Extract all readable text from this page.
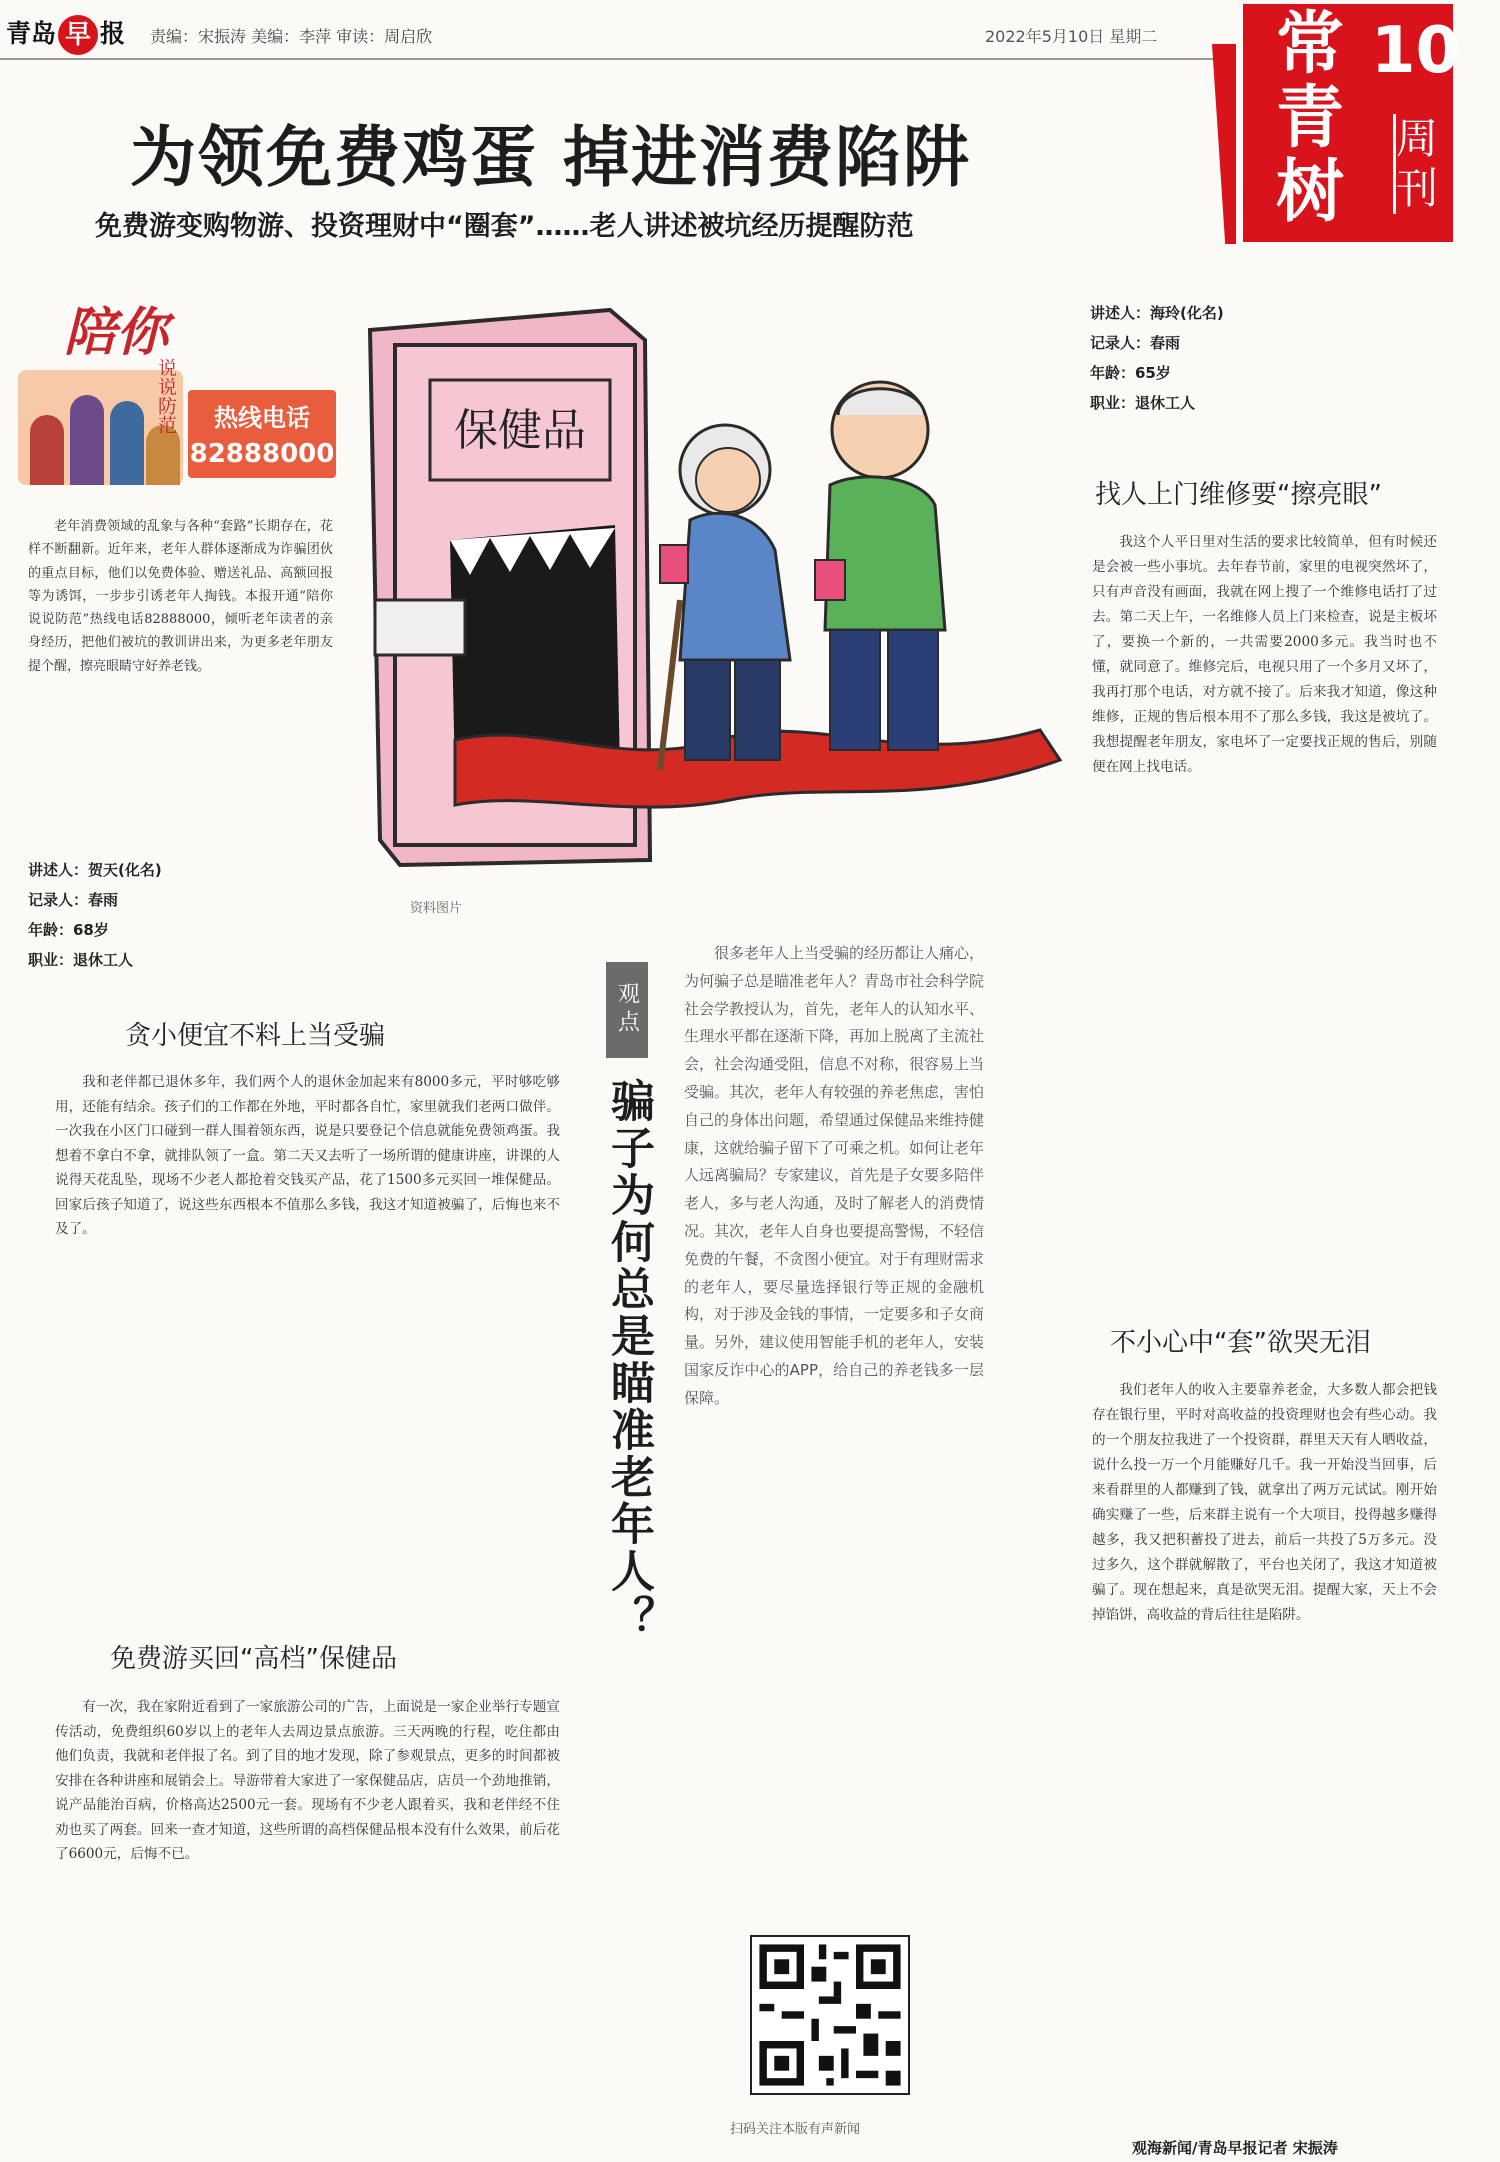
青岛 早 报 责编：宋振涛 美编：李萍 审读：周启欣	2022年5月10日 星期二	常青树
10
周刊
为领免费鸡蛋 掉进消费陷阱
免费游变购物游、投资理财中“圈套”……老人讲述被坑经历提醒防范
陪你
说说防范	热线电话
82888000
老年消费领域的乱象与各种“套路”长期存在，花样不断翻新。近年来，老年人群体逐渐成为诈骗团伙的重点目标，他们以免费体验、赠送礼品、高额回报等为诱饵，一步步引诱老年人掏钱。本报开通“陪你说说防范”热线电话82888000，倾听老年读者的亲身经历，把他们被坑的教训讲出来，为更多老年朋友提个醒，擦亮眼睛守好养老钱。
讲述人：贺天(化名)
记录人：春雨
年龄：68岁
职业：退休工人
贪小便宜不料上当受骗
我和老伴都已退休多年，我们两个人的退休金加起来有8000多元，平时够吃够用，还能有结余。孩子们的工作都在外地，平时都各自忙，家里就我们老两口做伴。一次我在小区门口碰到一群人围着领东西，说是只要登记个信息就能免费领鸡蛋。我想着不拿白不拿，就排队领了一盒。第二天又去听了一场所谓的健康讲座，讲课的人说得天花乱坠，现场不少老人都抢着交钱买产品，花了1500多元买回一堆保健品。回家后孩子知道了，说这些东西根本不值那么多钱，我这才知道被骗了，后悔也来不及了。
免费游买回“高档”保健品
有一次，我在家附近看到了一家旅游公司的广告，上面说是一家企业举行专题宣传活动，免费组织60岁以上的老年人去周边景点旅游。三天两晚的行程，吃住都由他们负责，我就和老伴报了名。到了目的地才发现，除了参观景点，更多的时间都被安排在各种讲座和展销会上。导游带着大家进了一家保健品店，店员一个劲地推销，说产品能治百病，价格高达2500元一套。现场有不少老人跟着买，我和老伴经不住劝也买了两套。回来一查才知道，这些所谓的高档保健品根本没有什么效果，前后花了6600元，后悔不已。
保健品
资料图片
观点
骗子为何总是瞄准老年人？
很多老年人上当受骗的经历都让人痛心，为何骗子总是瞄准老年人？青岛市社会科学院社会学教授认为，首先，老年人的认知水平、生理水平都在逐渐下降，再加上脱离了主流社会，社会沟通受阻，信息不对称，很容易上当受骗。其次，老年人有较强的养老焦虑，害怕自己的身体出问题，希望通过保健品来维持健康，这就给骗子留下了可乘之机。如何让老年人远离骗局？专家建议，首先是子女要多陪伴老人，多与老人沟通，及时了解老人的消费情况。其次，老年人自身也要提高警惕，不轻信免费的午餐，不贪图小便宜。对于有理财需求的老年人，要尽量选择银行等正规的金融机构，对于涉及金钱的事情，一定要多和子女商量。另外，建议使用智能手机的老年人，安装国家反诈中心的APP，给自己的养老钱多一层保障。
扫码关注本版有声新闻
讲述人：海玲(化名)
记录人：春雨
年龄：65岁
职业：退休工人
找人上门维修要“擦亮眼”
我这个人平日里对生活的要求比较简单，但有时候还是会被一些小事坑。去年春节前，家里的电视突然坏了，只有声音没有画面，我就在网上搜了一个维修电话打了过去。第二天上午，一名维修人员上门来检查，说是主板坏了，要换一个新的，一共需要2000多元。我当时也不懂，就同意了。维修完后，电视只用了一个多月又坏了，我再打那个电话，对方就不接了。后来我才知道，像这种维修，正规的售后根本用不了那么多钱，我这是被坑了。我想提醒老年朋友，家电坏了一定要找正规的售后，别随便在网上找电话。
不小心中“套”欲哭无泪
我们老年人的收入主要靠养老金，大多数人都会把钱存在银行里，平时对高收益的投资理财也会有些心动。我的一个朋友拉我进了一个投资群，群里天天有人晒收益，说什么投一万一个月能赚好几千。我一开始没当回事，后来看群里的人都赚到了钱，就拿出了两万元试试。刚开始确实赚了一些，后来群主说有一个大项目，投得越多赚得越多，我又把积蓄投了进去，前后一共投了5万多元。没过多久，这个群就解散了，平台也关闭了，我这才知道被骗了。现在想起来，真是欲哭无泪。提醒大家，天上不会掉馅饼，高收益的背后往往是陷阱。
观海新闻/青岛早报记者 宋振涛
